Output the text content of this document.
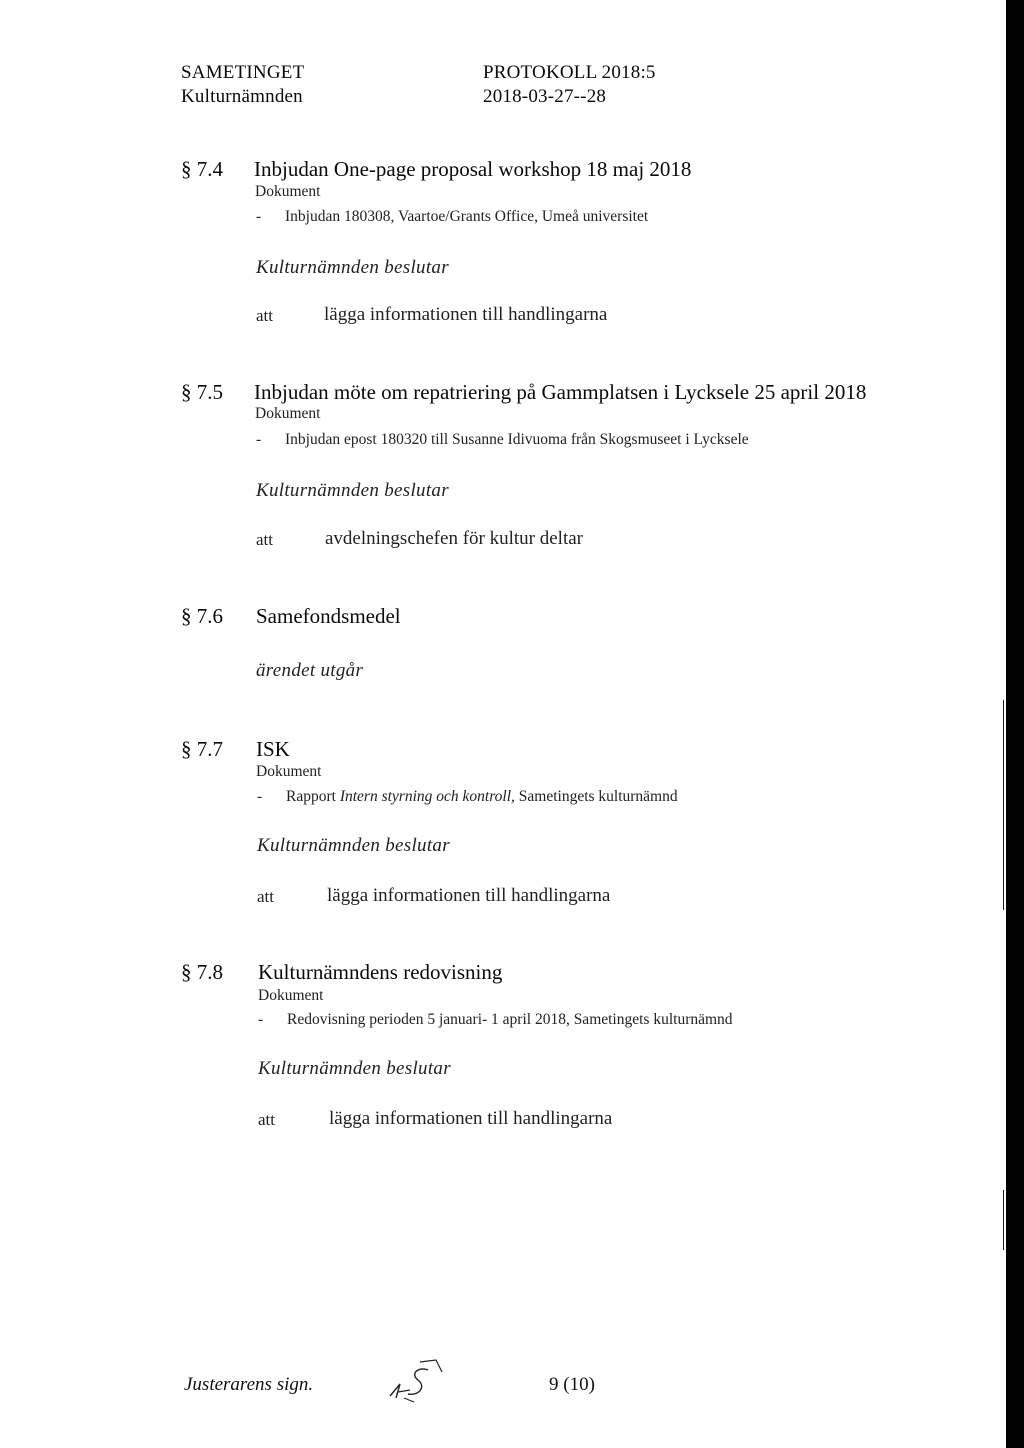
SAMETINGET
Kulturnämnden
PROTOKOLL 2018:5
2018-03-27--28
§ 7.4 Inbjudan One-page proposal workshop 18 maj 2018
Dokument
- Inbjudan 180308, Vaartoe/Grants Office, Umeå universitet
Kulturnämnden beslutar
att	lägga informationen till handlingarna
§ 7.5 Inbjudan möte om repatriering på Gammplatsen i Lycksele 25 april 2018
Dokument
- Inbjudan epost 180320 till Susanne Idivuoma från Skogsmuseet i Lycksele
Kulturnämnden beslutar
att	avdelningschefen för kultur deltar
§ 7.6 Samefondsmedel
ärendet utgår
§ 7.7 ISK
Dokument
- Rapport Intern styrning och kontroll, Sametingets kulturnämnd
Kulturnämnden beslutar
att	lägga informationen till handlingarna
§ 7.8 Kulturnämndens redovisning
Dokument
- Redovisning perioden 5 januari- 1 april 2018, Sametingets kulturnämnd
Kulturnämnden beslutar
att	lägga informationen till handlingarna
Justerarens sign.	9 (10)
